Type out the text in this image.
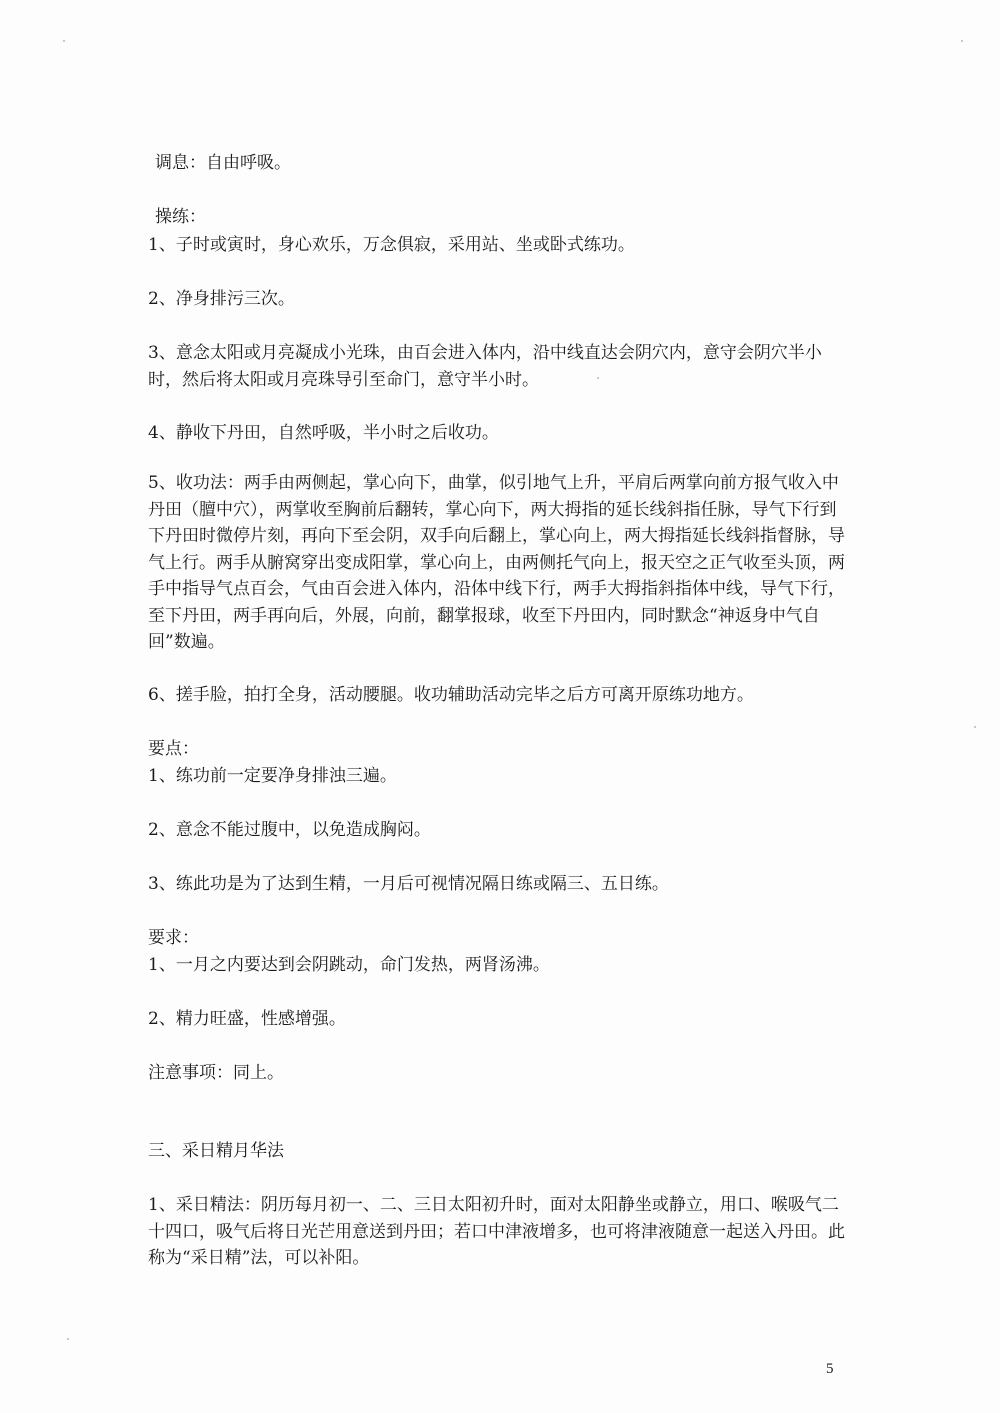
调息：自由呼吸。

操练：

1、子时或寅时，身心欢乐，万念俱寂，采用站、坐或卧式练功。

2、净身排污三次。

3、意念太阳或月亮凝成小光珠，由百会进入体内，沿中线直达会阴穴内，意守会阴穴半小时，然后将太阳或月亮珠导引至命门，意守半小时。

4、静收下丹田，自然呼吸，半小时之后收功。

5、收功法：两手由两侧起，掌心向下，曲掌，似引地气上升，平肩后两掌向前方报气收入中丹田（膻中穴），两掌收至胸前后翻转，掌心向下，两大拇指的延长线斜指任脉，导气下行到下丹田时微停片刻，再向下至会阴，双手向后翻上，掌心向上，两大拇指延长线斜指督脉，导气上行。两手从腑窝穿出变成阳掌，掌心向上，由两侧托气向上，报天空之正气收至头顶，两手中指导气点百会，气由百会进入体内，沿体中线下行，两手大拇指斜指体中线，导气下行，至下丹田，两手再向后，外展，向前，翻掌报球，收至下丹田内，同时默念“神返身中气自回”数遍。

6、搓手脸，拍打全身，活动腰腿。收功辅助活动完毕之后方可离开原练功地方。

要点：

1、练功前一定要净身排浊三遍。

2、意念不能过腹中，以免造成胸闷。

3、练此功是为了达到生精，一月后可视情况隔日练或隔三、五日练。

要求：

1、一月之内要达到会阴跳动，命门发热，两肾汤沸。

2、精力旺盛，性感增强。

注意事项：同上。

三、采日精月华法

1、采日精法：阴历每月初一、二、三日太阳初升时，面对太阳静坐或静立，用口、喉吸气二十四口，吸气后将日光芒用意送到丹田；若口中津液增多，也可将津液随意一起送入丹田。此称为“采日精”法，可以补阳。

5
